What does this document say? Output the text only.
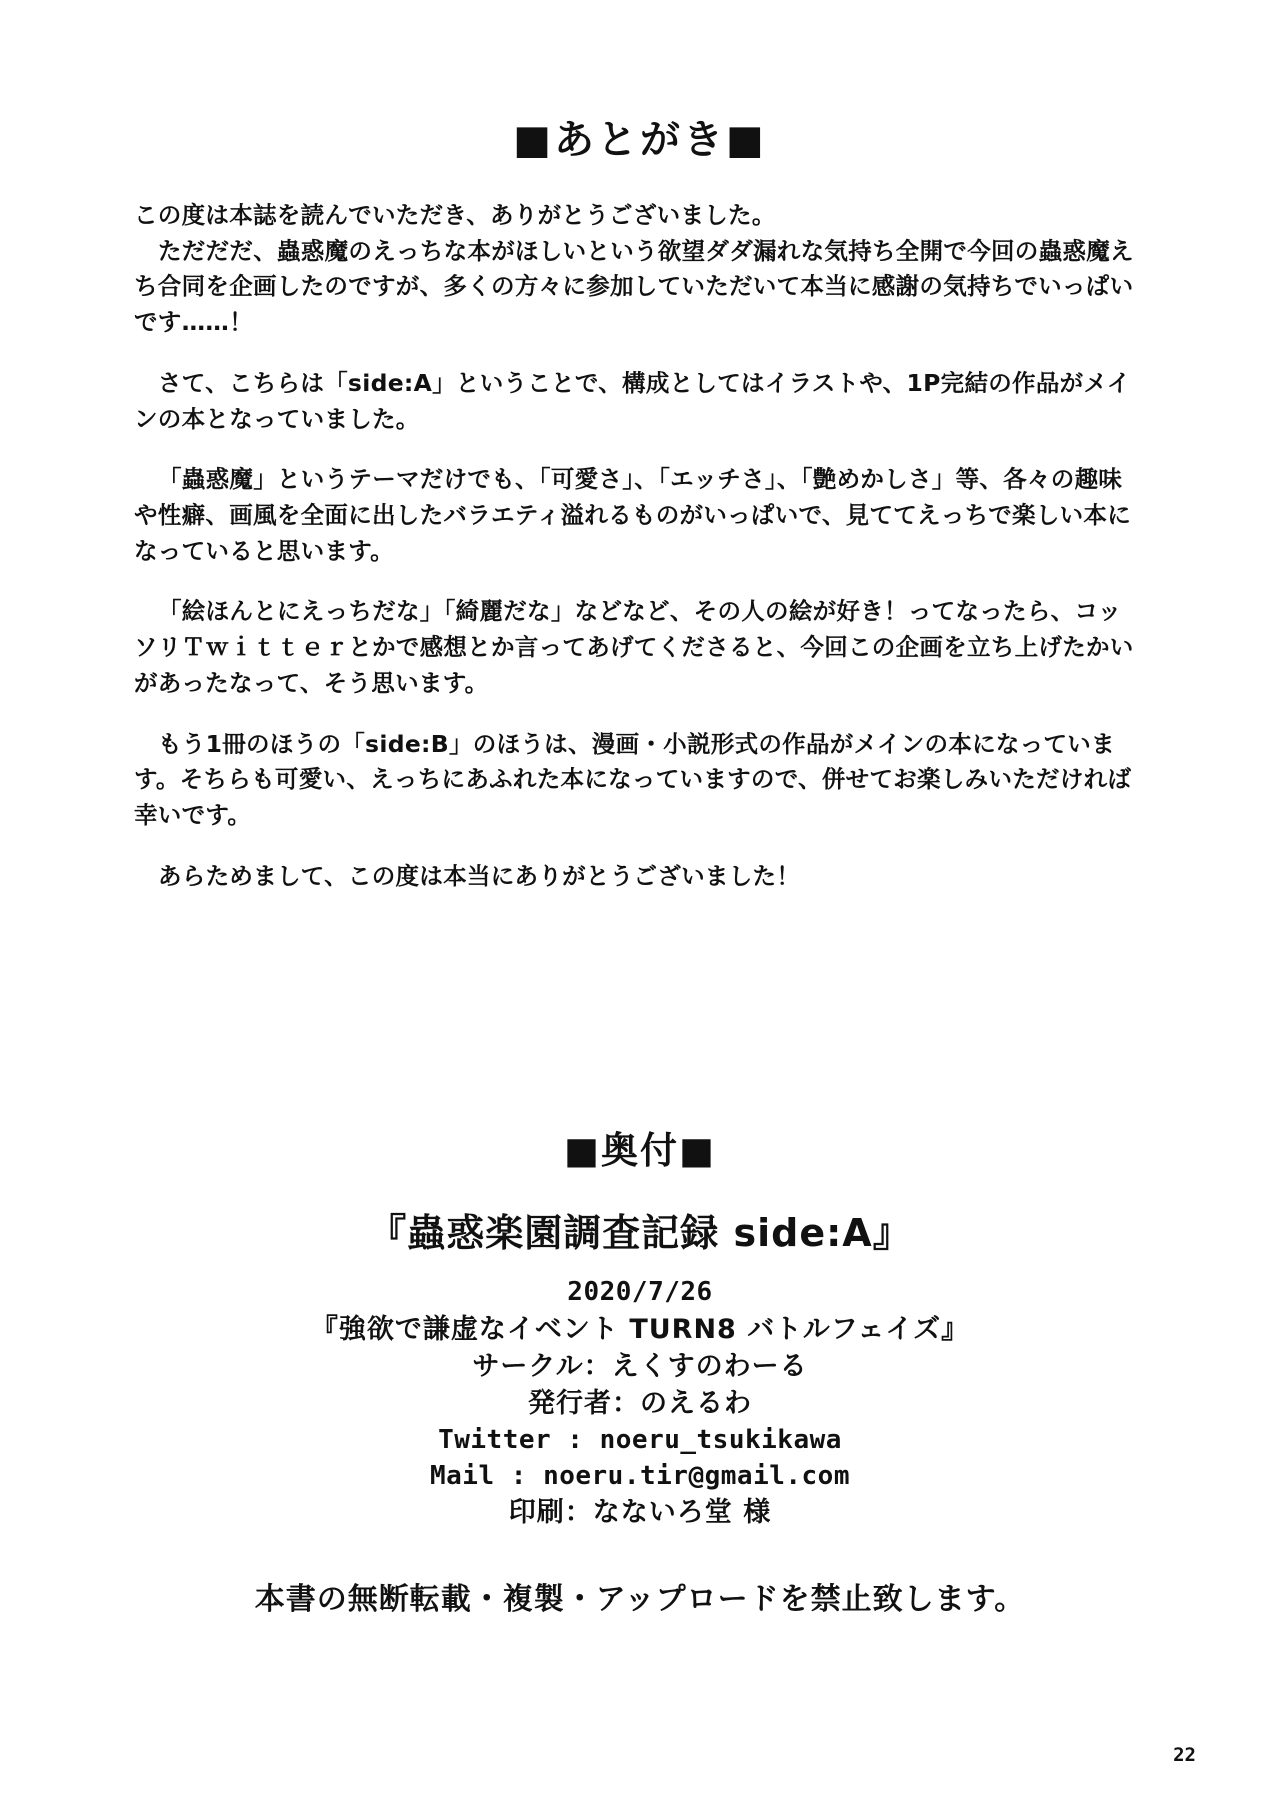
■あとがき■

この度は本誌を読んでいただき、ありがとうございました。

ただだだ、蟲惑魔のえっちな本がほしいという欲望ダダ漏れな気持ち全開で今回の蟲惑魔えち合同を企画したのですが、多くの方々に参加していただいて本当に感謝の気持ちでいっぱいです……！

さて、こちらは「side:A」ということで、構成としてはイラストや、1P完結の作品がメインの本となっていました。

「蟲惑魔」というテーマだけでも、「可愛さ」、「エッチさ」、「艶めかしさ」等、各々の趣味や性癖、画風を全面に出したバラエティ溢れるものがいっぱいで、見ててえっちで楽しい本になっていると思います。

「絵ほんとにえっちだな」「綺麗だな」などなど、その人の絵が好き！ってなったら、コッソリＴｗｉｔｔｅｒとかで感想とか言ってあげてくださると、今回この企画を立ち上げたかいがあったなって、そう思います。

もう1冊のほうの「side:B」のほうは、漫画・小説形式の作品がメインの本になっています。そちらも可愛い、えっちにあふれた本になっていますので、併せてお楽しみいただければ幸いです。

あらためまして、この度は本当にありがとうございました！

■奥付■
『蟲惑楽園調査記録 side:A』
2020/7/26
『強欲で謙虚なイベント TURN8 バトルフェイズ』
サークル：えくすのわーる
発行者：のえるわ
Twitter : noeru_tsukikawa
Mail : noeru.tir@gmail.com
印刷：なないろ堂 様
本書の無断転載・複製・アップロードを禁止致します。
22
